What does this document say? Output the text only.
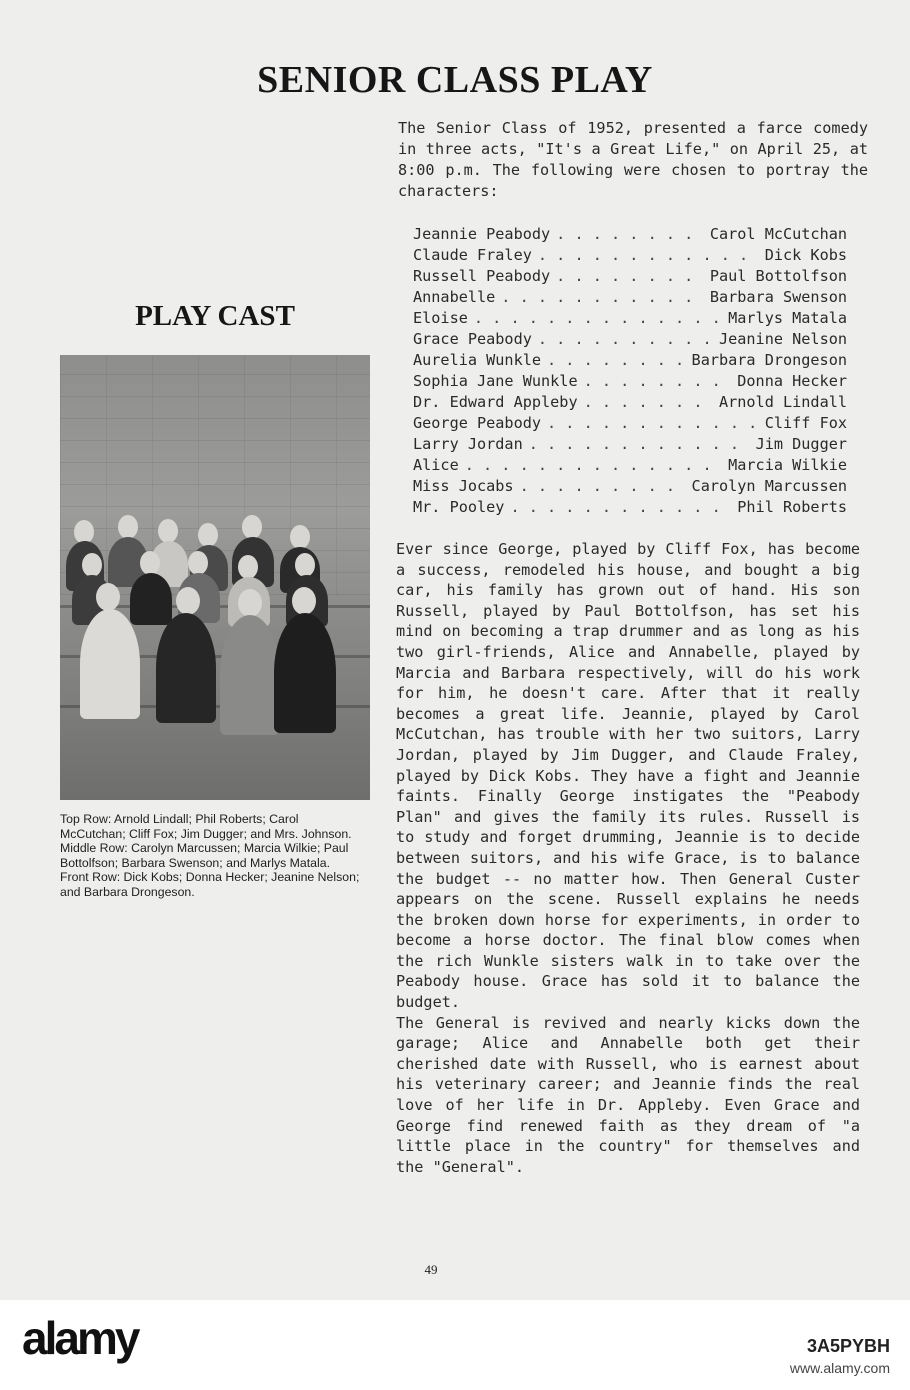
SENIOR CLASS PLAY

The Senior Class of 1952, presented a farce comedy in three acts, "It's a Great Life," on April 25, at 8:00 p.m. The following were chosen to portray the characters:

Jeannie Peabody . . .	Carol McCutchan
Claude Fraley . . .	Dick Kobs
Russell Peabody . . .	Paul Bottolfson
Annabelle . . .	Barbara Swenson
Eloise . . .	Marlys Matala
Grace Peabody . . .	Jeanine Nelson
Aurelia Wunkle . . .	Barbara Drongeson
Sophia Jane Wunkle . . .	Donna Hecker
Dr. Edward Appleby . . .	Arnold Lindall
George Peabody . . .	Cliff Fox
Larry Jordan . . .	Jim Dugger
Alice . . .	Marcia Wilkie
Miss Jocabs . . .	Carolyn Marcussen
Mr. Pooley . . .	Phil Roberts
PLAY CAST

Top Row: Arnold Lindall; Phil Roberts; Carol McCutchan; Cliff Fox; Jim Dugger; and Mrs. Johnson. Middle Row: Carolyn Marcussen; Marcia Wilkie; Paul Bottolfson; Barbara Swenson; and Marlys Matala. Front Row: Dick Kobs; Donna Hecker; Jeanine Nelson; and Barbara Drongeson.

Ever since George, played by Cliff Fox, has become a success, remodeled his house, and bought a big car, his family has grown out of hand. His son Russell, played by Paul Bottolfson, has set his mind on becoming a trap drummer and as long as his two girl-friends, Alice and Annabelle, played by Marcia and Barbara respectively, will do his work for him, he doesn't care. After that it really becomes a great life. Jeannie, played by Carol McCutchan, has trouble with her two suitors, Larry Jordan, played by Jim Dugger, and Claude Fraley, played by Dick Kobs. They have a fight and Jeannie faints. Finally George instigates the "Peabody Plan" and gives the family its rules. Russell is to study and forget drumming, Jeannie is to decide between suitors, and his wife Grace, is to balance the budget -- no matter how. Then General Custer appears on the scene. Russell explains he needs the broken down horse for experiments, in order to become a horse doctor. The final blow comes when the rich Wunkle sisters walk in to take over the Peabody house. Grace has sold it to balance the budget.

The General is revived and nearly kicks down the garage; Alice and Annabelle both get their cherished date with Russell, who is earnest about his veterinary career; and Jeannie finds the real love of her life in Dr. Appleby. Even Grace and George find renewed faith as they dream of "a little place in the country" for themselves and the "General".

49
alamy	3A5PYBH
www.alamy.com
